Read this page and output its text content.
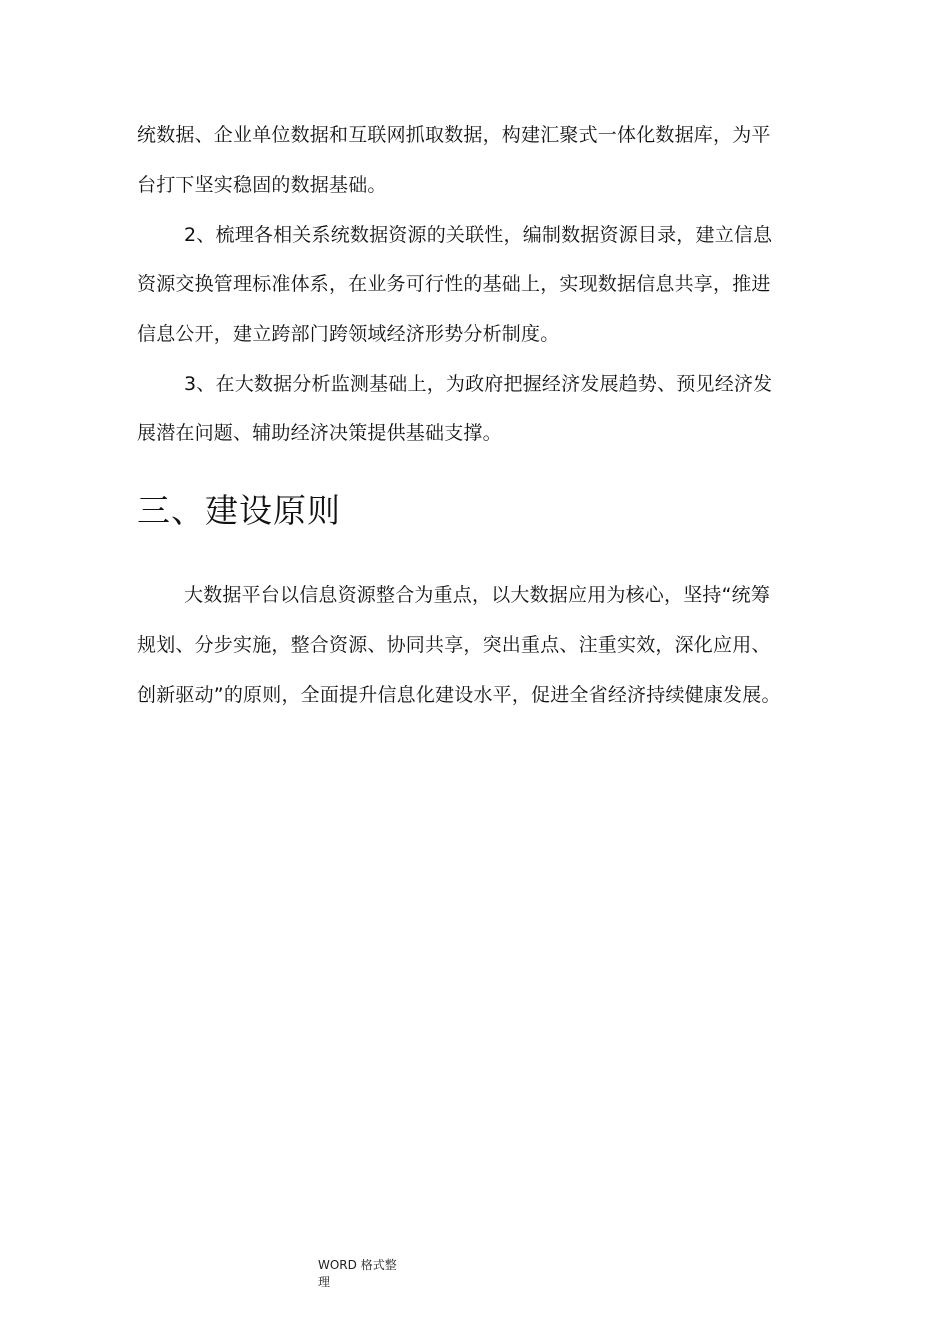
统数据、企业单位数据和互联网抓取数据，构建汇聚式一体化数据库，为平
台打下坚实稳固的数据基础。
2、梳理各相关系统数据资源的关联性，编制数据资源目录，建立信息
资源交换管理标准体系，在业务可行性的基础上，实现数据信息共享，推进
信息公开，建立跨部门跨领域经济形势分析制度。
3、在大数据分析监测基础上，为政府把握经济发展趋势、预见经济发
展潜在问题、辅助经济决策提供基础支撑。
三、建设原则
大数据平台以信息资源整合为重点，以大数据应用为核心，坚持“统筹
规划、分步实施，整合资源、协同共享，突出重点、注重实效，深化应用、
创新驱动”的原则，全面提升信息化建设水平，促进全省经济持续健康发展。
WORD 格式整
理
